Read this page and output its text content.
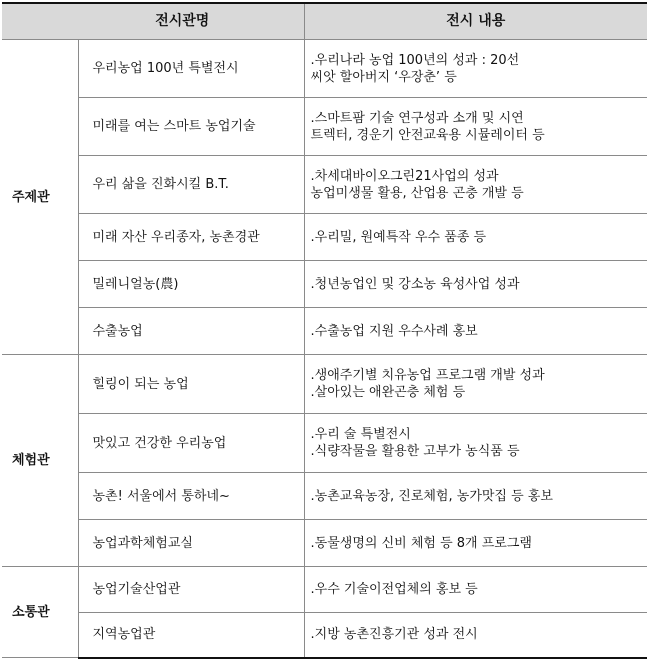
전시관명		전시 내용
주제관	우리농업 100년 특별전시	.우리나라 농업 100년의 성과 : 20선
씨앗 할아버지 ‘우장춘’ 등

	미래를 여는 스마트 농업기술	.스마트팜 기술 연구성과 소개 및 시연
트렉터, 경운기 안전교육용 시뮬레이터 등

	우리 삶을 진화시킬 B.T.	.차세대바이오그린21사업의 성과
농업미생물 활용, 산업용 곤충 개발 등

	미래 자산 우리종자, 농촌경관	.우리밀, 원예특작 우수 품종 등

	밀레니얼농(農)	.청년농업인 및 강소농 육성사업 성과

	수출농업	.수출농업 지원 우수사례 홍보

체험관	힐링이 되는 농업	.생애주기별 치유농업 프로그램 개발 성과
.살아있는 애완곤충 체험 등

	맛있고 건강한 우리농업	.우리 술 특별전시
.식량작물을 활용한 고부가 농식품 등

	농촌! 서울에서 통하네~	.농촌교육농장, 진로체험, 농가맛집 등 홍보

	농업과학체험교실	.동물생명의 신비 체험 등 8개 프로그램

소통관	농업기술산업관	.우수 기술이전업체의 홍보 등

	지역농업관	.지방 농촌진흥기관 성과 전시
